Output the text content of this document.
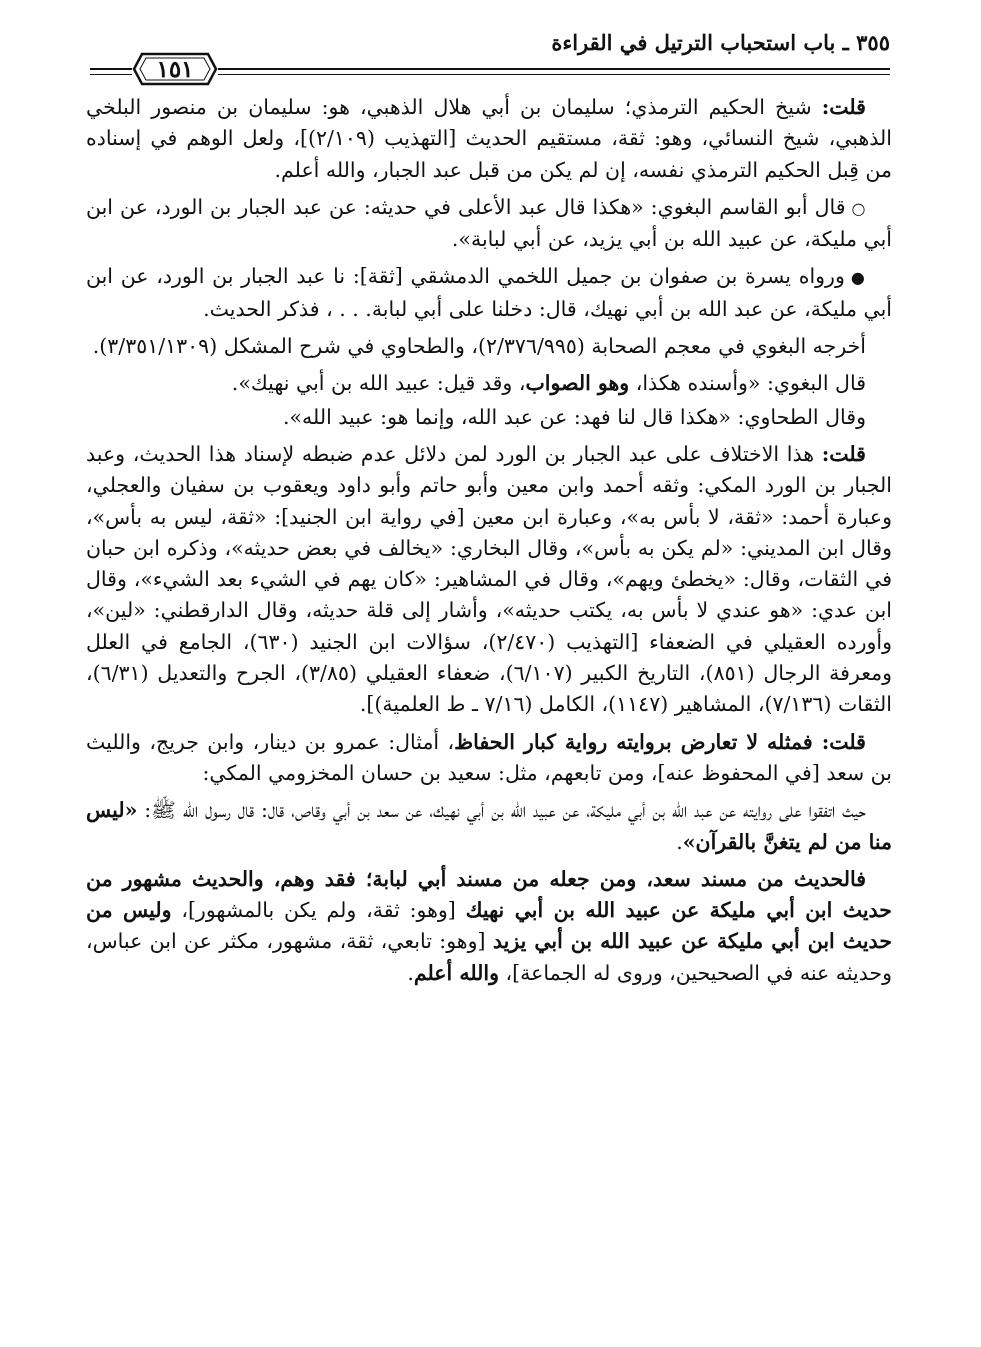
٣٥٥ ـ باب استحباب الترتيل في القراءة
١٥١

قلت: شيخ الحكيم الترمذي؛ سليمان بن أبي هلال الذهبي، هو: سليمان بن منصور البلخي الذهبي، شيخ النسائي، وهو: ثقة، مستقيم الحديث [التهذيب (٢/١٠٩)]، ولعل الوهم في إسناده من قِبل الحكيم الترمذي نفسه، إن لم يكن من قبل عبد الجبار، والله أعلم.

○قال أبو القاسم البغوي: «هكذا قال عبد الأعلى في حديثه: عن عبد الجبار بن الورد، عن ابن أبي مليكة، عن عبيد الله بن أبي يزيد، عن أبي لبابة».

●ورواه يسرة بن صفوان بن جميل اللخمي الدمشقي [ثقة]: نا عبد الجبار بن الورد، عن ابن أبي مليكة، عن عبد الله بن أبي نهيك، قال: دخلنا على أبي لبابة. . . ، فذكر الحديث.

أخرجه البغوي في معجم الصحابة (٢/٣٧٦/٩٩٥)، والطحاوي في شرح المشكل (٣/٣٥١/١٣٠٩).

قال البغوي: «وأسنده هكذا، وهو الصواب، وقد قيل: عبيد الله بن أبي نهيك».

وقال الطحاوي: «هكذا قال لنا فهد: عن عبد الله، وإنما هو: عبيد الله».

قلت: هذا الاختلاف على عبد الجبار بن الورد لمن دلائل عدم ضبطه لإسناد هذا الحديث، وعبد الجبار بن الورد المكي: وثقه أحمد وابن معين وأبو حاتم وأبو داود ويعقوب بن سفيان والعجلي، وعبارة أحمد: «ثقة، لا بأس به»، وعبارة ابن معين [في رواية ابن الجنيد]: «ثقة، ليس به بأس»، وقال ابن المديني: «لم يكن به بأس»، وقال البخاري: «يخالف في بعض حديثه»، وذكره ابن حبان في الثقات، وقال: «يخطئ ويهم»، وقال في المشاهير: «كان يهم في الشيء بعد الشيء»، وقال ابن عدي: «هو عندي لا بأس به، يكتب حديثه»، وأشار إلى قلة حديثه، وقال الدارقطني: «لين»، وأورده العقيلي في الضعفاء [التهذيب (٢/٤٧٠)، سؤالات ابن الجنيد (٦٣٠)، الجامع في العلل ومعرفة الرجال (٨٥١)، التاريخ الكبير (٦/١٠٧)، ضعفاء العقيلي (٣/٨٥)، الجرح والتعديل (٦/٣١)، الثقات (٧/١٣٦)، المشاهير (١١٤٧)، الكامل (٧/١٦ ـ ط العلمية)].

قلت: فمثله لا تعارض بروايته رواية كبار الحفاظ، أمثال: عمرو بن دينار، وابن جريج، والليث بن سعد [في المحفوظ عنه]، ومن تابعهم، مثل: سعيد بن حسان المخزومي المكي:

حيث اتفقوا على روايته عن عبد الله بن أبي مليكة، عن عبيد الله بن أبي نهيك، عن سعد بن أبي وقاص، قال: قال رسول الله ﷺ: «ليس منا من لم يتغنَّ بالقرآن».

فالحديث من مسند سعد، ومن جعله من مسند أبي لبابة؛ فقد وهم، والحديث مشهور من حديث ابن أبي مليكة عن عبيد الله بن أبي نهيك [وهو: ثقة، ولم يكن بالمشهور]، وليس من حديث ابن أبي مليكة عن عبيد الله بن أبي يزيد [وهو: تابعي، ثقة، مشهور، مكثر عن ابن عباس، وحديثه عنه في الصحيحين، وروى له الجماعة]، والله أعلم.
